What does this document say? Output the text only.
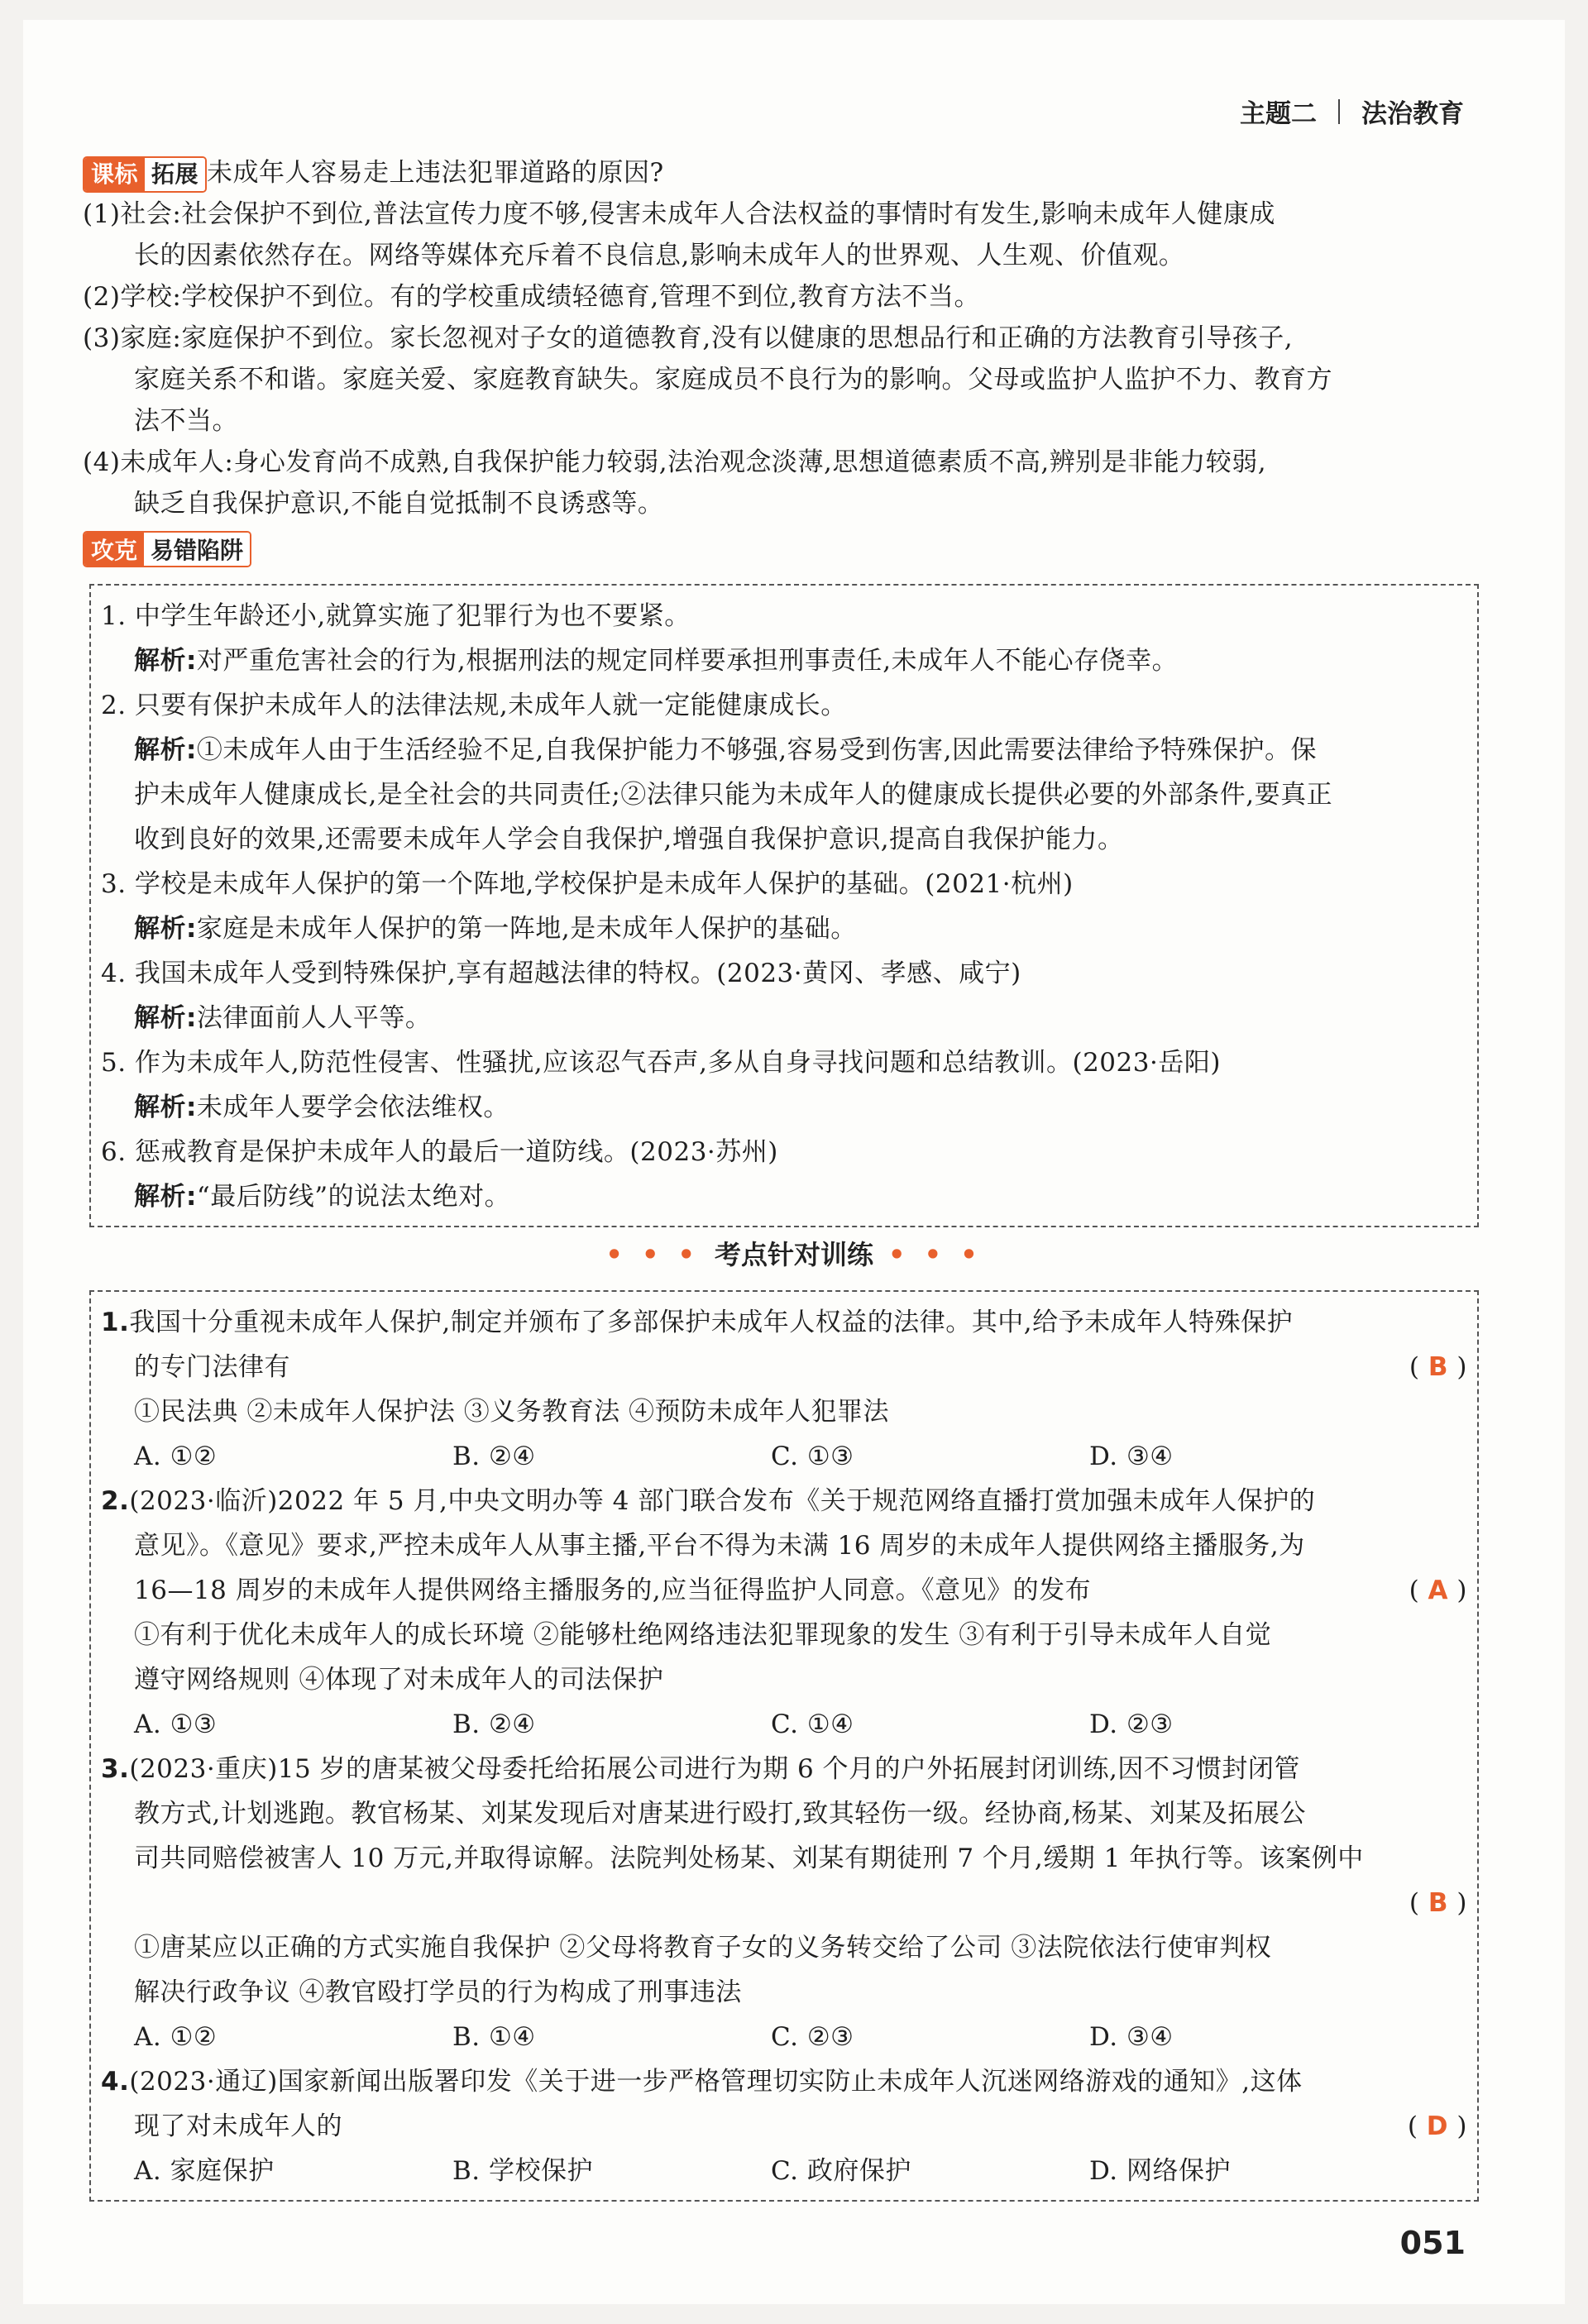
主题二 法治教育
课标 拓展 未成年人容易走上违法犯罪道路的原因?
(1)社会:社会保护不到位,普法宣传力度不够,侵害未成年人合法权益的事情时有发生,影响未成年人健康成
长的因素依然存在。网络等媒体充斥着不良信息,影响未成年人的世界观、人生观、价值观。
(2)学校:学校保护不到位。有的学校重成绩轻德育,管理不到位,教育方法不当。
(3)家庭:家庭保护不到位。家长忽视对子女的道德教育,没有以健康的思想品行和正确的方法教育引导孩子,
家庭关系不和谐。家庭关爱、家庭教育缺失。家庭成员不良行为的影响。父母或监护人监护不力、教育方
法不当。
(4)未成年人:身心发育尚不成熟,自我保护能力较弱,法治观念淡薄,思想道德素质不高,辨别是非能力较弱,
缺乏自我保护意识,不能自觉抵制不良诱惑等。
攻克 易错陷阱
1. 中学生年龄还小,就算实施了犯罪行为也不要紧。
解析:对严重危害社会的行为,根据刑法的规定同样要承担刑事责任,未成年人不能心存侥幸。
2. 只要有保护未成年人的法律法规,未成年人就一定能健康成长。
解析:①未成年人由于生活经验不足,自我保护能力不够强,容易受到伤害,因此需要法律给予特殊保护。保
护未成年人健康成长,是全社会的共同责任;②法律只能为未成年人的健康成长提供必要的外部条件,要真正
收到良好的效果,还需要未成年人学会自我保护,增强自我保护意识,提高自我保护能力。
3. 学校是未成年人保护的第一个阵地,学校保护是未成年人保护的基础。(2021·杭州)
解析:家庭是未成年人保护的第一阵地,是未成年人保护的基础。
4. 我国未成年人受到特殊保护,享有超越法律的特权。(2023·黄冈、孝感、咸宁)
解析:法律面前人人平等。
5. 作为未成年人,防范性侵害、性骚扰,应该忍气吞声,多从自身寻找问题和总结教训。(2023·岳阳)
解析:未成年人要学会依法维权。
6. 惩戒教育是保护未成年人的最后一道防线。(2023·苏州)
解析:“最后防线”的说法太绝对。
• • • 考点针对训练 • • •
1.我国十分重视未成年人保护,制定并颁布了多部保护未成年人权益的法律。其中,给予未成年人特殊保护
的专门法律有	( B )
①民法典 ②未成年人保护法 ③义务教育法 ④预防未成年人犯罪法
A. ①②	B. ②④	C. ①③	D. ③④
2.(2023·临沂)2022 年 5 月,中央文明办等 4 部门联合发布《关于规范网络直播打赏加强未成年人保护的
意见》。《意见》要求,严控未成年人从事主播,平台不得为未满 16 周岁的未成年人提供网络主播服务,为
16—18 周岁的未成年人提供网络主播服务的,应当征得监护人同意。《意见》的发布	( A )
①有利于优化未成年人的成长环境 ②能够杜绝网络违法犯罪现象的发生 ③有利于引导未成年人自觉
遵守网络规则 ④体现了对未成年人的司法保护
A. ①③	B. ②④	C. ①④	D. ②③
3.(2023·重庆)15 岁的唐某被父母委托给拓展公司进行为期 6 个月的户外拓展封闭训练,因不习惯封闭管
教方式,计划逃跑。教官杨某、刘某发现后对唐某进行殴打,致其轻伤一级。经协商,杨某、刘某及拓展公
司共同赔偿被害人 10 万元,并取得谅解。法院判处杨某、刘某有期徒刑 7 个月,缓期 1 年执行等。该案例中
( B )

①唐某应以正确的方式实施自我保护 ②父母将教育子女的义务转交给了公司 ③法院依法行使审判权
解决行政争议 ④教官殴打学员的行为构成了刑事违法
A. ①②	B. ①④	C. ②③	D. ③④
4.(2023·通辽)国家新闻出版署印发《关于进一步严格管理切实防止未成年人沉迷网络游戏的通知》,这体
现了对未成年人的	( D )
A. 家庭保护	B. 学校保护	C. 政府保护	D. 网络保护
051
